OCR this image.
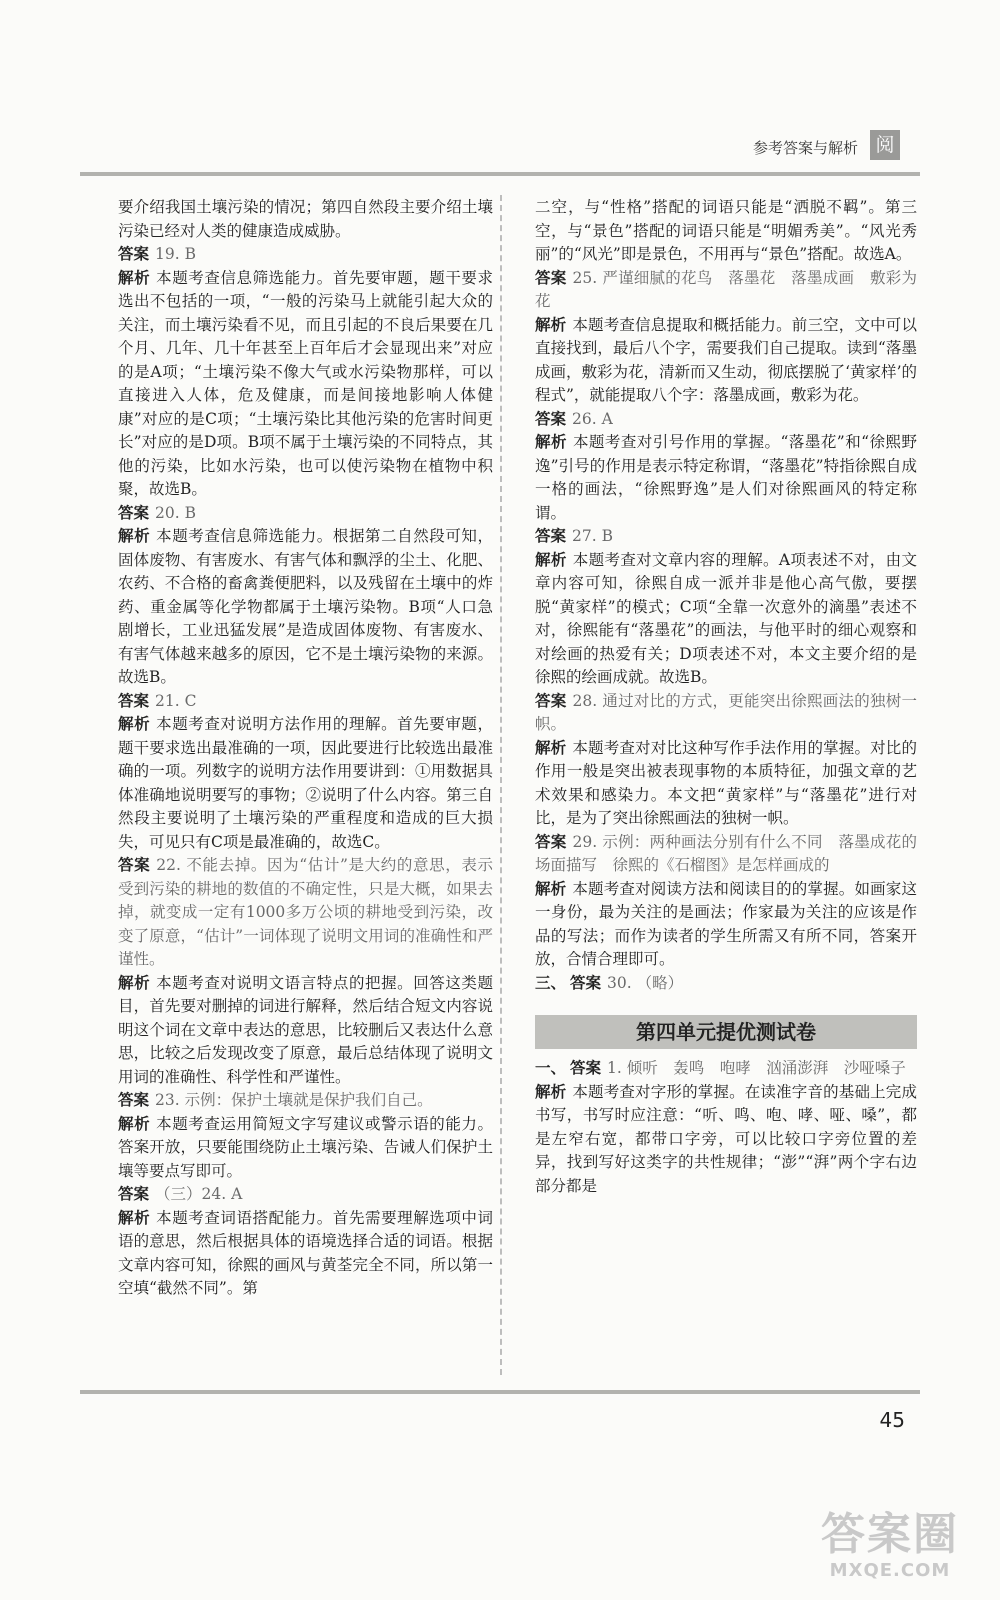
参考答案与解析 阅
要介绍我国土壤污染的情况；第四自然段主要介绍土壤污染已经对人类的健康造成威胁。
答案 19. B
解析 本题考查信息筛选能力。首先要审题，题干要求选出不包括的一项，“一般的污染马上就能引起大众的关注，而土壤污染看不见，而且引起的不良后果要在几个月、几年、几十年甚至上百年后才会显现出来”对应的是A项；“土壤污染不像大气或水污染物那样，可以直接进入人体，危及健康，而是间接地影响人体健康”对应的是C项；“土壤污染比其他污染的危害时间更长”对应的是D项。B项不属于土壤污染的不同特点，其他的污染，比如水污染，也可以使污染物在植物中积聚，故选B。
答案 20. B
解析 本题考查信息筛选能力。根据第二自然段可知，固体废物、有害废水、有害气体和飘浮的尘土、化肥、农药、不合格的畜禽粪便肥料，以及残留在土壤中的炸药、重金属等化学物都属于土壤污染物。B项“人口急剧增长，工业迅猛发展”是造成固体废物、有害废水、有害气体越来越多的原因，它不是土壤污染物的来源。故选B。
答案 21. C
解析 本题考查对说明方法作用的理解。首先要审题，题干要求选出最准确的一项，因此要进行比较选出最准确的一项。列数字的说明方法作用要讲到：①用数据具体准确地说明要写的事物；②说明了什么内容。第三自然段主要说明了土壤污染的严重程度和造成的巨大损失，可见只有C项是最准确的，故选C。
答案 22. 不能去掉。因为“估计”是大约的意思，表示受到污染的耕地的数值的不确定性，只是大概，如果去掉，就变成一定有1000多万公顷的耕地受到污染，改变了原意，“估计”一词体现了说明文用词的准确性和严谨性。
解析 本题考查对说明文语言特点的把握。回答这类题目，首先要对删掉的词进行解释，然后结合短文内容说明这个词在文章中表达的意思，比较删后又表达什么意思，比较之后发现改变了原意，最后总结体现了说明文用词的准确性、科学性和严谨性。
答案 23. 示例：保护土壤就是保护我们自己。
解析 本题考查运用简短文字写建议或警示语的能力。答案开放，只要能围绕防止土壤污染、告诫人们保护土壤等要点写即可。
答案 （三）24. A
解析 本题考查词语搭配能力。首先需要理解选项中词语的意思，然后根据具体的语境选择合适的词语。根据文章内容可知，徐熙的画风与黄荃完全不同，所以第一空填“截然不同”。第
二空，与“性格”搭配的词语只能是“洒脱不羁”。第三空，与“景色”搭配的词语只能是“明媚秀美”。“风光秀丽”的“风光”即是景色，不用再与“景色”搭配。故选A。
答案 25. 严谨细腻的花鸟　落墨花　落墨成画　敷彩为花
解析 本题考查信息提取和概括能力。前三空，文中可以直接找到，最后八个字，需要我们自己提取。读到“落墨成画，敷彩为花，清新而又生动，彻底摆脱了‘黄家样’的程式”，就能提取八个字：落墨成画，敷彩为花。
答案 26. A
解析 本题考查对引号作用的掌握。“落墨花”和“徐熙野逸”引号的作用是表示特定称谓，“落墨花”特指徐熙自成一格的画法，“徐熙野逸”是人们对徐熙画风的特定称谓。
答案 27. B
解析 本题考查对文章内容的理解。A项表述不对，由文章内容可知，徐熙自成一派并非是他心高气傲，要摆脱“黄家样”的模式；C项“全靠一次意外的滴墨”表述不对，徐熙能有“落墨花”的画法，与他平时的细心观察和对绘画的热爱有关；D项表述不对，本文主要介绍的是徐熙的绘画成就。故选B。
答案 28. 通过对比的方式，更能突出徐熙画法的独树一帜。
解析 本题考查对对比这种写作手法作用的掌握。对比的作用一般是突出被表现事物的本质特征，加强文章的艺术效果和感染力。本文把“黄家样”与“落墨花”进行对比，是为了突出徐熙画法的独树一帜。
答案 29. 示例：两种画法分别有什么不同　落墨成花的场面描写　徐熙的《石榴图》是怎样画成的
解析 本题考查对阅读方法和阅读目的的掌握。如画家这一身份，最为关注的是画法；作家最为关注的应该是作品的写法；而作为读者的学生所需又有所不同，答案开放，合情合理即可。
三、 答案 30. （略）
第四单元提优测试卷
一、 答案 1. 倾听　轰鸣　咆哮　汹涌澎湃　沙哑嗓子
解析 本题考查对字形的掌握。在读准字音的基础上完成书写，书写时应注意：“听、鸣、咆、哮、哑、嗓”，都是左窄右宽，都带口字旁，可以比较口字旁位置的差异，找到写好这类字的共性规律；“澎”“湃”两个字右边部分都是
45
答案圈
MXQE.COM
